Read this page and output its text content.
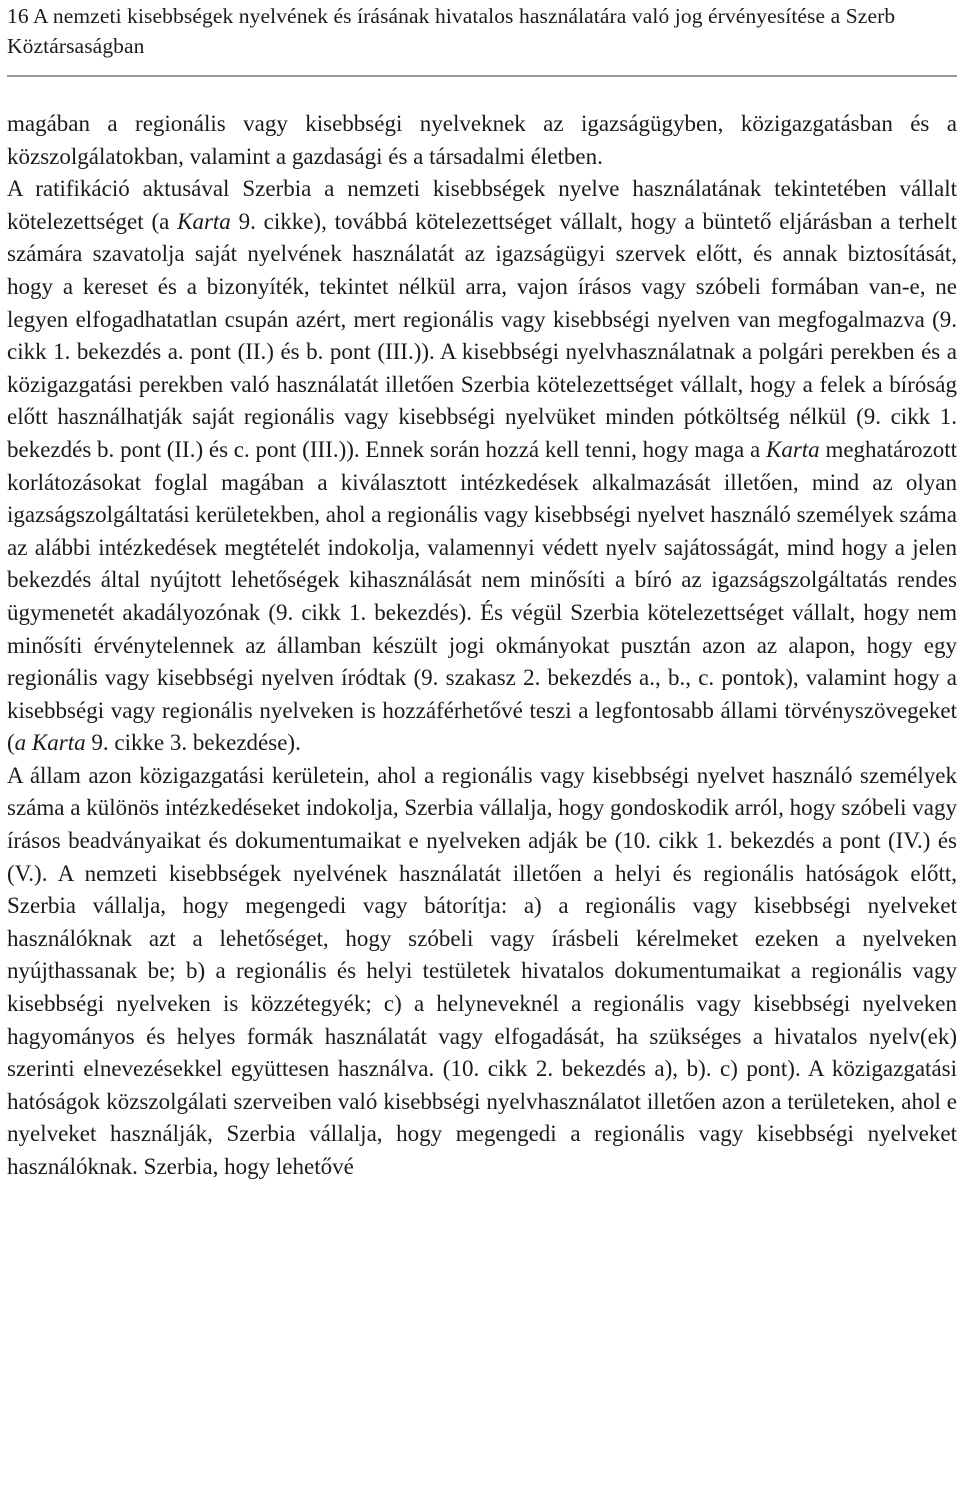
16 A nemzeti kisebbségek nyelvének és írásának hivatalos használatára való jog érvényesítése a Szerb Köztársaságban

magában a regionális vagy kisebbségi nyelveknek az igazságügyben, közigazgatásban és a közszolgálatokban, valamint a gazdasági és a társadalmi életben.

A ratifikáció aktusával Szerbia a nemzeti kisebbségek nyelve használatának tekintetében vállalt kötelezettséget (a Karta 9. cikke), továbbá kötelezettséget vállalt, hogy a büntető eljárásban a terhelt számára szavatolja saját nyelvének használatát az igazságügyi szervek előtt, és annak biztosítását, hogy a kereset és a bizonyíték, tekintet nélkül arra, vajon írásos vagy szóbeli formában van-e, ne legyen elfogadhatatlan csupán azért, mert regionális vagy kisebbségi nyelven van megfogalmazva (9. cikk 1. bekezdés a. pont (II.) és b. pont (III.)). A kisebbségi nyelvhasználatnak a polgári perekben és a közigazgatási perekben való használatát illetően Szerbia kötelezettséget vállalt, hogy a felek a bíróság előtt használhatják saját regionális vagy kisebbségi nyelvüket minden pótköltség nélkül (9. cikk 1. bekezdés b. pont (II.) és c. pont (III.)). Ennek során hozzá kell tenni, hogy maga a Karta meghatározott korlátozásokat foglal magában a kiválasztott intézkedések alkalmazását illetően, mind az olyan igazságszolgáltatási kerületekben, ahol a regionális vagy kisebbségi nyelvet használó személyek száma az alábbi intézkedések megtételét indokolja, valamennyi védett nyelv sajátosságát, mind hogy a jelen bekezdés által nyújtott lehetőségek kihasználását nem minősíti a bíró az igazságszolgáltatás rendes ügymenetét akadályozónak (9. cikk 1. bekezdés). És végül Szerbia kötelezettséget vállalt, hogy nem minősíti érvénytelennek az államban készült jogi okmányokat pusztán azon az alapon, hogy egy regionális vagy kisebbségi nyelven íródtak (9. szakasz 2. bekezdés a., b., c. pontok), valamint hogy a kisebbségi vagy regionális nyelveken is hozzáférhetővé teszi a legfontosabb állami törvényszövegeket (a Karta 9. cikke 3. bekezdése).

A állam azon közigazgatási kerületein, ahol a regionális vagy kisebbségi nyelvet használó személyek száma a különös intézkedéseket indokolja, Szerbia vállalja, hogy gondoskodik arról, hogy szóbeli vagy írásos beadványaikat és dokumentumaikat e nyelveken adják be (10. cikk 1. bekezdés a pont (IV.) és (V.). A nemzeti kisebbségek nyelvének használatát illetően a helyi és regionális hatóságok előtt, Szerbia vállalja, hogy megengedi vagy bátorítja: a) a regionális vagy kisebbségi nyelveket használóknak azt a lehetőséget, hogy szóbeli vagy írásbeli kérelmeket ezeken a nyelveken nyújthassanak be; b) a regionális és helyi testületek hivatalos dokumentumaikat a regionális vagy kisebbségi nyelveken is közzétegyék; c) a helyneveknél a regionális vagy kisebbségi nyelveken hagyományos és helyes formák használatát vagy elfogadását, ha szükséges a hivatalos nyelv(ek) szerinti elnevezésekkel együttesen használva. (10. cikk 2. bekezdés a), b). c) pont). A közigazgatási hatóságok közszolgálati szerveiben való kisebbségi nyelvhasználatot illetően azon a területeken, ahol e nyelveket használják, Szerbia vállalja, hogy megengedi a regionális vagy kisebbségi nyelveket használóknak. Szerbia, hogy lehetővé
